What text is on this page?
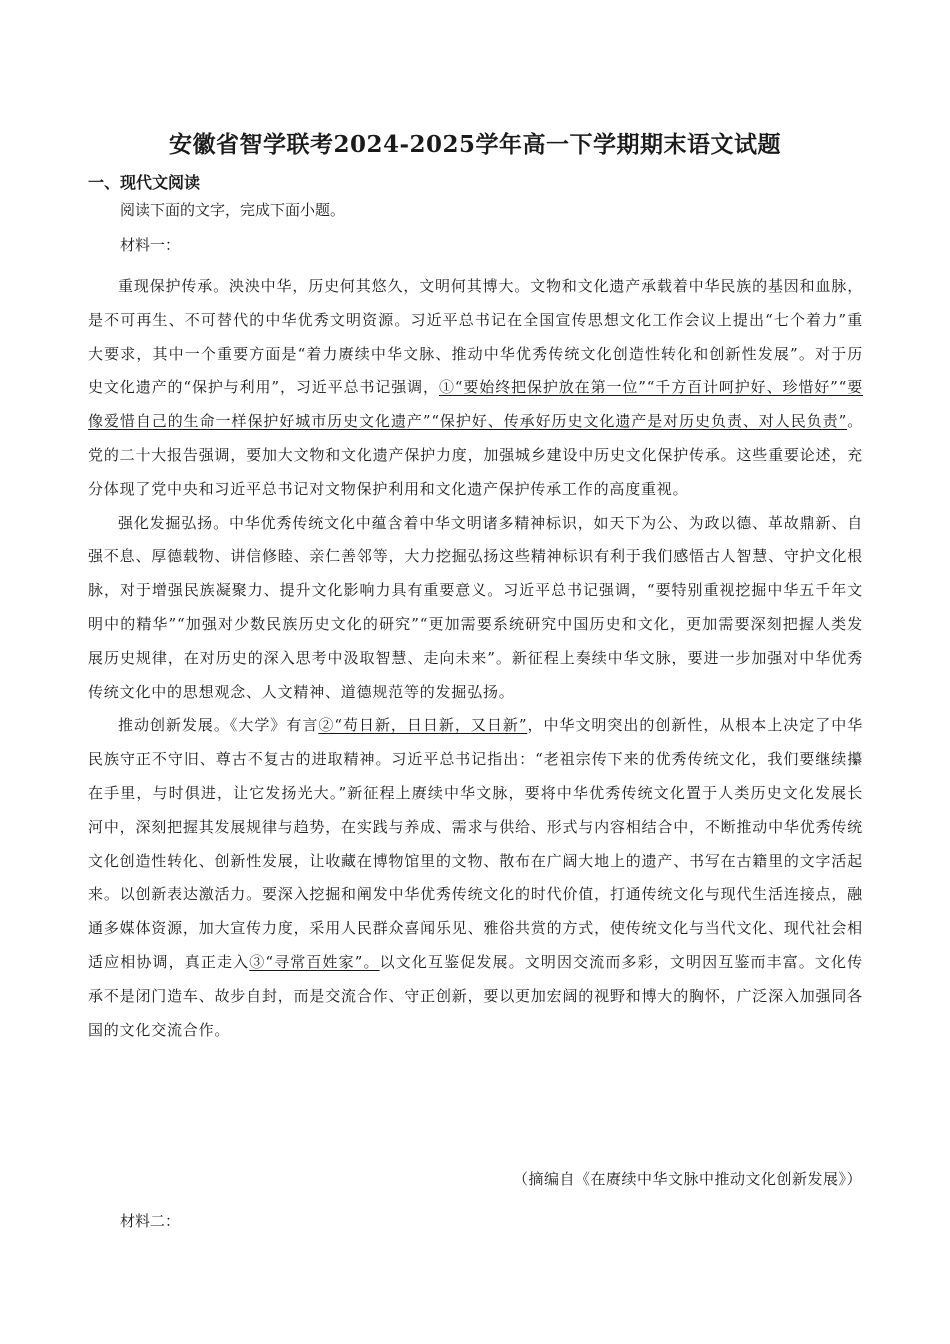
安徽省智学联考2024-2025学年高一下学期期末语文试题
一、现代文阅读
阅读下面的文字，完成下面小题。
材料一：

重现保护传承。泱泱中华，历史何其悠久，文明何其博大。文物和文化遗产承载着中华民族的基因和血脉，是不可再生、不可替代的中华优秀文明资源。习近平总书记在全国宣传思想文化工作会议上提出“七个着力”重大要求，其中一个重要方面是“着力赓续中华文脉、推动中华优秀传统文化创造性转化和创新性发展”。对于历史文化遗产的“保护与利用”，习近平总书记强调，①“要始终把保护放在第一位”“千方百计呵护好、珍惜好”“要像爱惜自己的生命一样保护好城市历史文化遗产”“保护好、传承好历史文化遗产是对历史负责、对人民负责”。党的二十大报告强调，要加大文物和文化遗产保护力度，加强城乡建设中历史文化保护传承。这些重要论述，充分体现了党中央和习近平总书记对文物保护利用和文化遗产保护传承工作的高度重视。

强化发掘弘扬。中华优秀传统文化中蕴含着中华文明诸多精神标识，如天下为公、为政以德、革故鼎新、自强不息、厚德载物、讲信修睦、亲仁善邻等，大力挖掘弘扬这些精神标识有利于我们感悟古人智慧、守护文化根脉，对于增强民族凝聚力、提升文化影响力具有重要意义。习近平总书记强调，“要特别重视挖掘中华五千年文明中的精华”“加强对少数民族历史文化的研究”“更加需要系统研究中国历史和文化，更加需要深刻把握人类发展历史规律，在对历史的深入思考中汲取智慧、走向未来”。新征程上奏续中华文脉，要进一步加强对中华优秀传统文化中的思想观念、人文精神、道德规范等的发掘弘扬。

推动创新发展。《大学》有言②“苟日新，日日新，又日新”，中华文明突出的创新性，从根本上决定了中华民族守正不守旧、尊古不复古的进取精神。习近平总书记指出：“老祖宗传下来的优秀传统文化，我们要继续攥在手里，与时俱进，让它发扬光大。”新征程上赓续中华文脉，要将中华优秀传统文化置于人类历史文化发展长河中，深刻把握其发展规律与趋势，在实践与养成、需求与供给、形式与内容相结合中，不断推动中华优秀传统文化创造性转化、创新性发展，让收藏在博物馆里的文物、散布在广阔大地上的遗产、书写在古籍里的文字活起来。以创新表达激活力。要深入挖掘和阐发中华优秀传统文化的时代价值，打通传统文化与现代生活连接点，融通多媒体资源，加大宣传力度，采用人民群众喜闻乐见、雅俗共赏的方式，使传统文化与当代文化、现代社会相适应相协调，真正走入③“寻常百姓家”。以文化互鉴促发展。文明因交流而多彩，文明因互鉴而丰富。文化传承不是闭门造车、故步自封，而是交流合作、守正创新，要以更加宏阔的视野和博大的胸怀，广泛深入加强同各国的文化交流合作。

（摘编自《在赓续中华文脉中推动文化创新发展》）
材料二：
